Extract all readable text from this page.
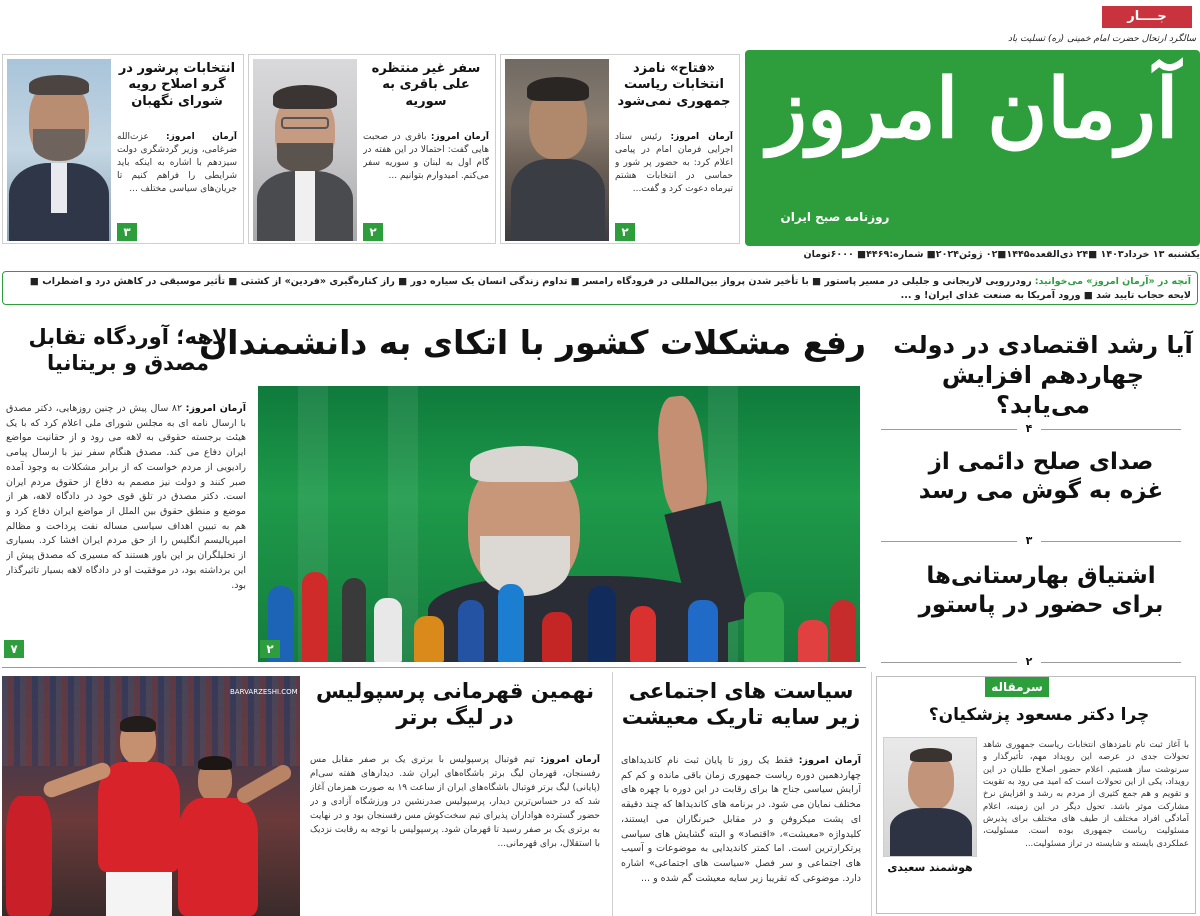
جــــار
سالگرد ارتحال حضرت امام خمینی (ره) تسلیت باد
آرمان امروز
روزنامه صبح ایران
یکشنبه ۱۳ خرداد۱۴۰۳ ■۲۴ ذی‌القعده۱۴۴۵■۰۲ ژوئن۲۰۲۴■ شماره:۴۴۶۹■ ۶۰۰۰تومان
۲
«فتاح» نامزد انتخابات ریاست جمهوری نمی‌شود
آرمان امروز: رئیس ستاد اجرایی فرمان امام در پیامی اعلام کرد: به حضور پر شور و حماسی در انتخابات هشتم تیرماه دعوت کرد و گفت...
۲
سفر غیر منتظره علی باقری به سوریه
آرمان امروز: باقری در صحبت هایی گفت: احتمالا در این هفته در گام اول به لبنان و سوریه سفر می‌کنم. امیدوارم بتوانیم ...
۳
انتخابات پرشور در گرو اصلاح رویه شورای نگهبان
آرمان امروز: عزت‌الله ضرغامی، وزیر گردشگری دولت سیزدهم با اشاره به اینکه باید شرایطی را فراهم کنیم تا جریان‌های سیاسی مختلف ...
آنچه در «آرمان امروز» می‌خوانید: رودررویی لاریجانی و جلیلی در مسیر پاستور ■ با تأخیر شدن پرواز بین‌المللی در فرودگاه رامسر ■ تداوم زندگی انسان یک سیاره دور ■ راز کناره‌گیری «فردین» از کشتی ■ تأثیر موسیقی در کاهش درد و اضطراب ■ لایحه حجاب تایید شد ■ ورود آمریکا به صنعت غذای ایران! و ...
آیا رشد اقتصادی در دولت چهاردهم افزایش می‌یابد؟
۴
صدای صلح دائمی از غزه به گوش می رسد
۳
اشتیاق بهارستانی‌ها برای حضور در پاستور
۲
رفع مشکلات کشور با اتکای به دانشمندان
۲
لاهه؛ آوردگاه تقابل مصدق و بریتانیا
آرمان امروز: ۸۲ سال پیش در چنین روزهایی، دکتر مصدق با ارسال نامه ای به مجلس شورای ملی اعلام کرد که با یک هیئت برجسته حقوقی به لاهه می رود و از حقانیت مواضع ایران دفاع می کند. مصدق هنگام سفر نیز با ارسال پیامی رادیویی از مردم خواست که از برابر مشکلات به وجود آمده صبر کنند و دولت نیز مصمم به دفاع از حقوق مردم ایران است. دکتر مصدق در تلق قوی خود در دادگاه لاهه، هر از موضع و منطق حقوق بین الملل از مواضع ایران دفاع کرد و هم به تبیین اهداف سیاسی مساله نفت پرداخت و مظالم امپریالیسم انگلیس را از حق مردم ایران افشا کرد. بسیاری از تحلیلگران بر این باور هستند که مسیری که مصدق پیش از این برداشته بود، در موفقیت او در دادگاه لاهه بسیار تاثیرگذار بود.
۷
سرمقاله
چرا دکتر مسعود پزشکیان؟
هوشمند سعیدی
با آغاز ثبت نام نامزدهای انتخابات ریاست جمهوری شاهد تحولات جدی در عرصه این رویداد مهم، تأثیرگذار و سرنوشت ساز هستیم. اعلام حضور اصلاح طلبان در این رویداد، یکی از این تحولات است که امید می رود به تقویت و تقویم و هم جمع کثیری از مردم به رشد و افزایش نرخ مشارکت موثر باشد. تحول دیگر در این زمینه، اعلام آمادگی افراد مختلف از طیف های مختلف برای پذیرش مسئولیت ریاست جمهوری بوده است. مسئولیت، عملکردی بایسته و شایسته در تراز مسئولیت...
سیاست های اجتماعی زیر سایه تاریک معیشت
آرمان امروز: فقط یک روز تا پایان ثبت نام کاندیداهای چهاردهمین دوره ریاست جمهوری زمان باقی مانده و کم کم آرایش سیاسی جناح ها برای رقابت در این دوره با چهره های مختلف نمایان می شود. در برنامه های کاندیداها که چند دقیقه ای پشت میکروفن و در مقابل خبرنگاران می ایستند، کلیدواژه «معیشت»، «اقتصاد» و البته گشایش های سیاسی پرتکرارترین است. اما کمتر کاندیدایی به موضوعات و آسیب های اجتماعی و سر فصل «سیاست های اجتماعی» اشاره دارد. موضوعی که تقریبا زیر سایه معیشت گم شده و ...
نهمین قهرمانی پرسپولیس در لیگ برتر
آرمان امروز: تیم فوتبال پرسپولیس با برتری یک بر صفر مقابل مس رفسنجان، قهرمان لیگ برتر باشگاه‌های ایران شد. دیدارهای هفته سی‌ام (پایانی) لیگ برتر فوتبال باشگاه‌های ایران از ساعت ۱۹ به صورت همزمان آغاز شد که در حساس‌ترین دیدار، پرسپولیس صدرنشین در ورزشگاه آزادی و در حضور گسترده هواداران پذیرای تیم سخت‌کوش مس رفسنجان بود و در نهایت به برتری یک بر صفر رسید تا قهرمان شود. پرسپولیس با توجه به رقابت نزدیک با استقلال، برای قهرمانی...
BARVARZESHI.COM
